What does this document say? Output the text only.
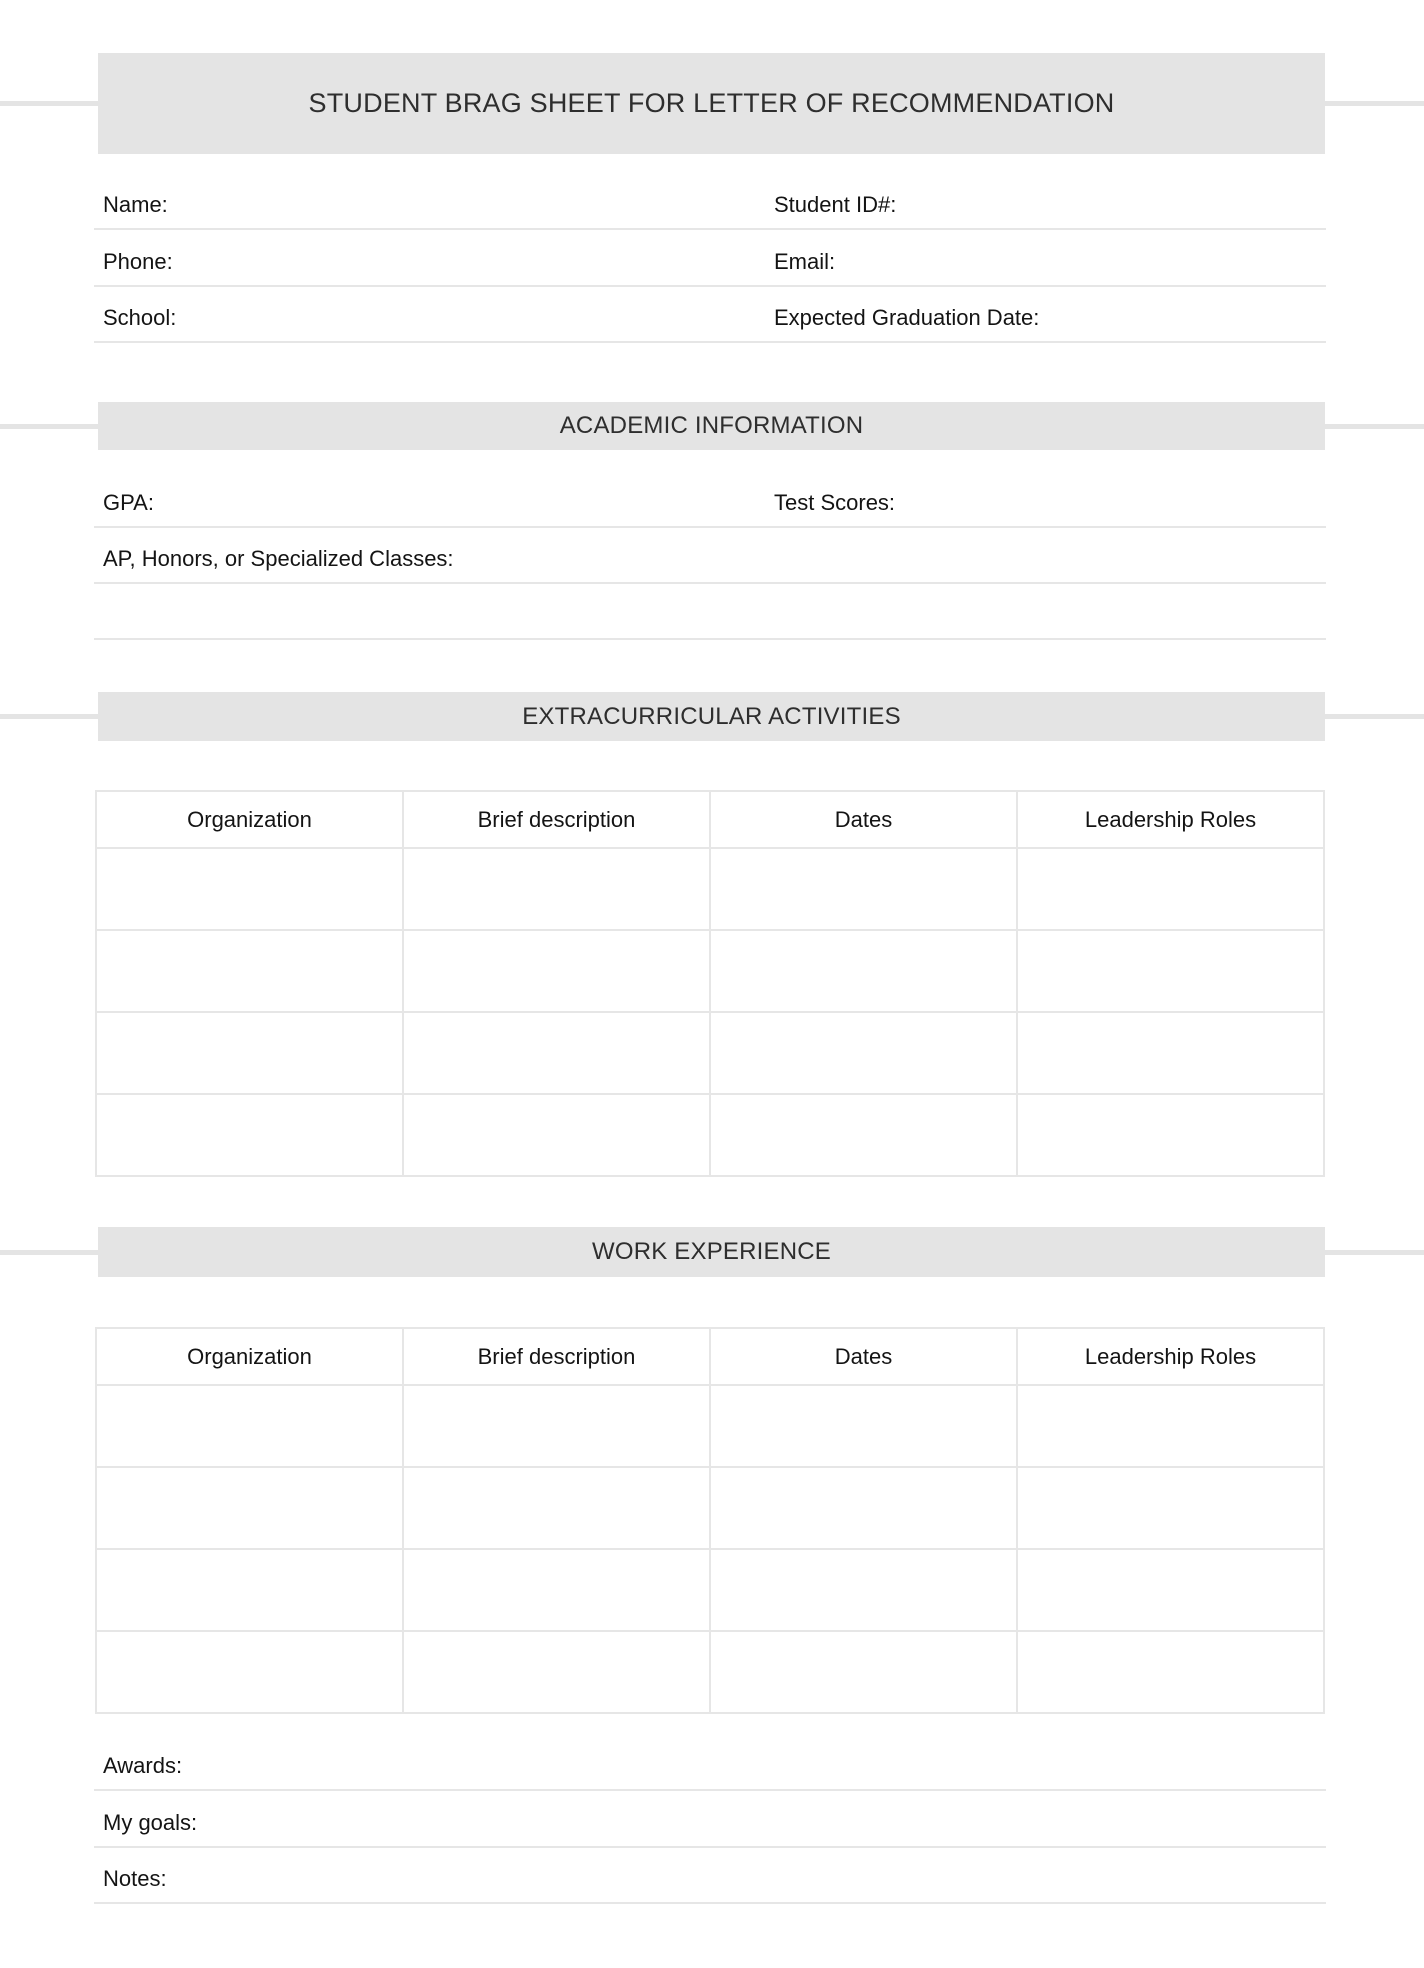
STUDENT BRAG SHEET FOR LETTER OF RECOMMENDATION
Name:	Student ID#:
Phone:	Email:
School:	Expected Graduation Date:
ACADEMIC INFORMATION
GPA:	Test Scores:
AP, Honors, or Specialized Classes:
EXTRACURRICULAR ACTIVITIES
Organization	Brief description	Dates	Leadership Roles

WORK EXPERIENCE
Organization	Brief description	Dates	Leadership Roles

Awards:
My goals:
Notes:
